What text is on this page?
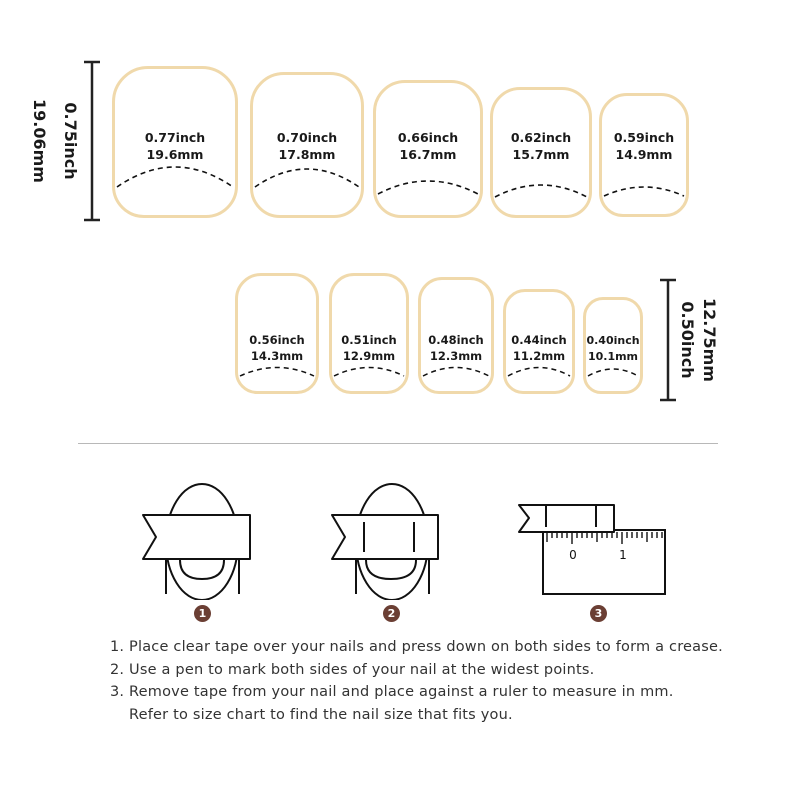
0.75inch
19.06mm	0.77inch
19.6mm
0.70inch
17.8mm
0.66inch
16.7mm
0.62inch
15.7mm
0.59inch
14.9mm
0.56inch
14.3mm
0.51inch
12.9mm
0.48inch
12.3mm
0.44inch
11.2mm
0.40inch
10.1mm	12.75mm
0.50inch
0	1
1	2	3
1. Place clear tape over your nails and press down on both sides to form a crease.
2. Use a pen to mark both sides of your nail at the widest points.
3. Remove tape from your nail and place against a ruler to measure in mm.
Refer to size chart to find the nail size that fits you.
